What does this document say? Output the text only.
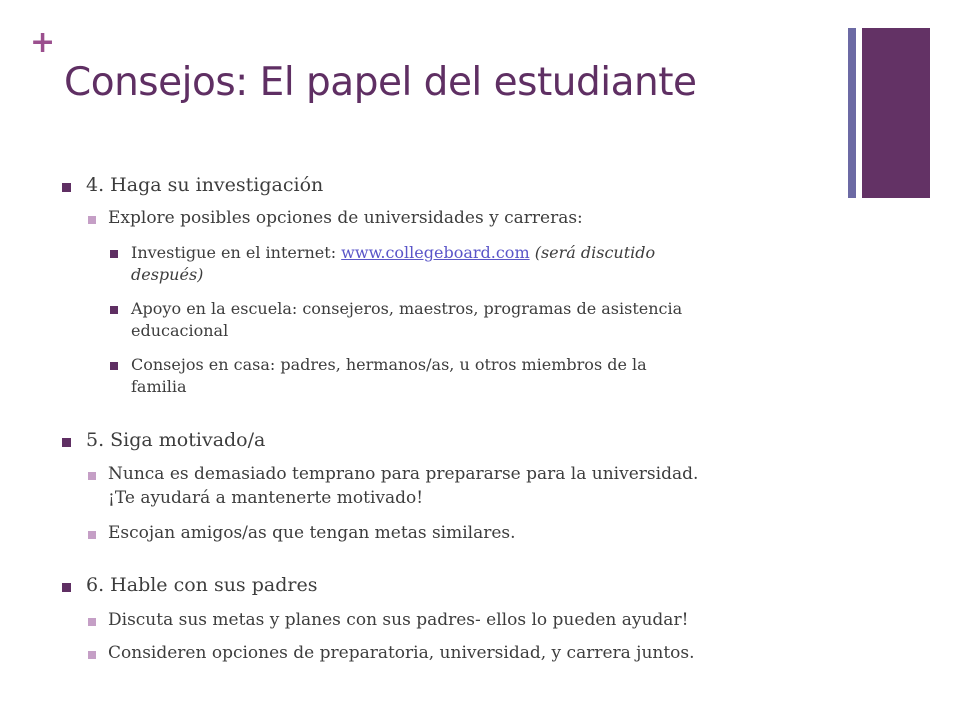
+
Consejos: El papel del estudiante
4. Haga su investigación
Explore posibles opciones de universidades y carreras:
Investigue en el internet: www.collegeboard.com (será discutido
después)
Apoyo en la escuela: consejeros, maestros, programas de asistencia
educacional
Consejos en casa: padres, hermanos/as, u otros miembros de la
familia
5. Siga motivado/a
Nunca es demasiado temprano para prepararse para la universidad.
¡Te ayudará a mantenerte motivado!
Escojan amigos/as que tengan metas similares.
6. Hable con sus padres
Discuta sus metas y planes con sus padres- ellos lo pueden ayudar!
Consideren opciones de preparatoria, universidad, y carrera juntos.
